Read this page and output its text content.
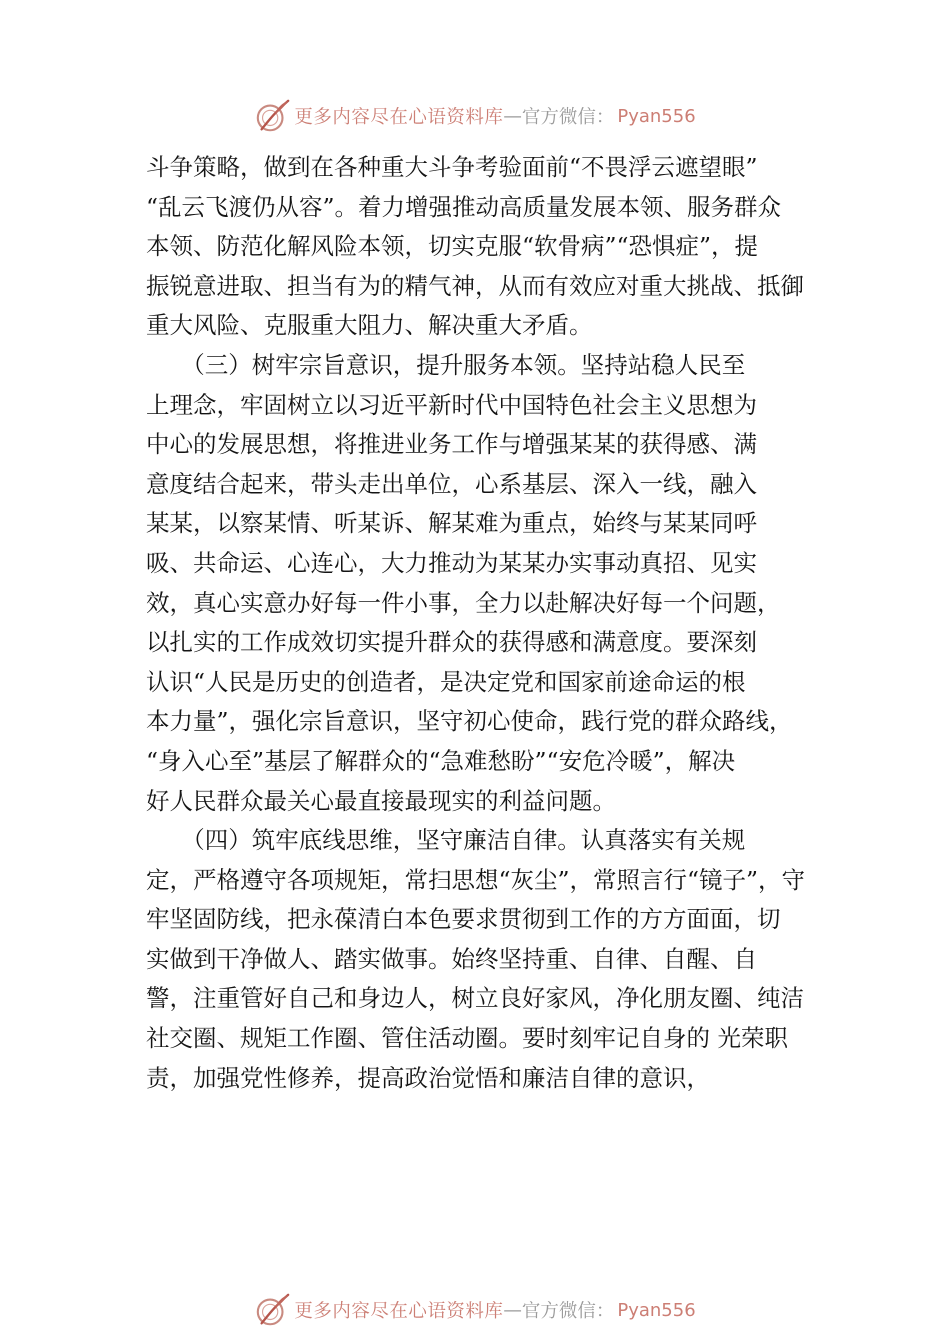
更多内容尽在心语资料库 — 官方微信： Pyan556
斗争策略，做到在各种重大斗争考验面前“不畏浮云遮望眼”
“乱云飞渡仍从容”。着力增强推动高质量发展本领、服务群众
本领、防范化解风险本领，切实克服“软骨病”“恐惧症”，提
振锐意进取、担当有为的精气神，从而有效应对重大挑战、抵御
重大风险、克服重大阻力、解决重大矛盾。
　　（三）树牢宗旨意识，提升服务本领。坚持站稳人民至
上理念，牢固树立以习近平新时代中国特色社会主义思想为
中心的发展思想，将推进业务工作与增强某某的获得感、满
意度结合起来，带头走出单位，心系基层、深入一线，融入
某某，以察某情、听某诉、解某难为重点，始终与某某同呼
吸、共命运、心连心，大力推动为某某办实事动真招、见实
效，真心实意办好每一件小事，全力以赴解决好每一个问题，
以扎实的工作成效切实提升群众的获得感和满意度。要深刻
认识“人民是历史的创造者，是决定党和国家前途命运的根
本力量”，强化宗旨意识，坚守初心使命，践行党的群众路线，
“身入心至”基层了解群众的“急难愁盼”“安危冷暖”，解决
好人民群众最关心最直接最现实的利益问题。
　　（四）筑牢底线思维，坚守廉洁自律。认真落实有关规
定，严格遵守各项规矩，常扫思想“灰尘”，常照言行“镜子”，守
牢坚固防线，把永葆清白本色要求贯彻到工作的方方面面，切
实做到干净做人、踏实做事。始终坚持重、自律、自醒、自
警，注重管好自己和身边人，树立良好家风，净化朋友圈、纯洁
社交圈、规矩工作圈、管住活动圈。要时刻牢记自身的 光荣职
责，加强党性修养，提高政治觉悟和廉洁自律的意识，
更多内容尽在心语资料库 — 官方微信： Pyan556
